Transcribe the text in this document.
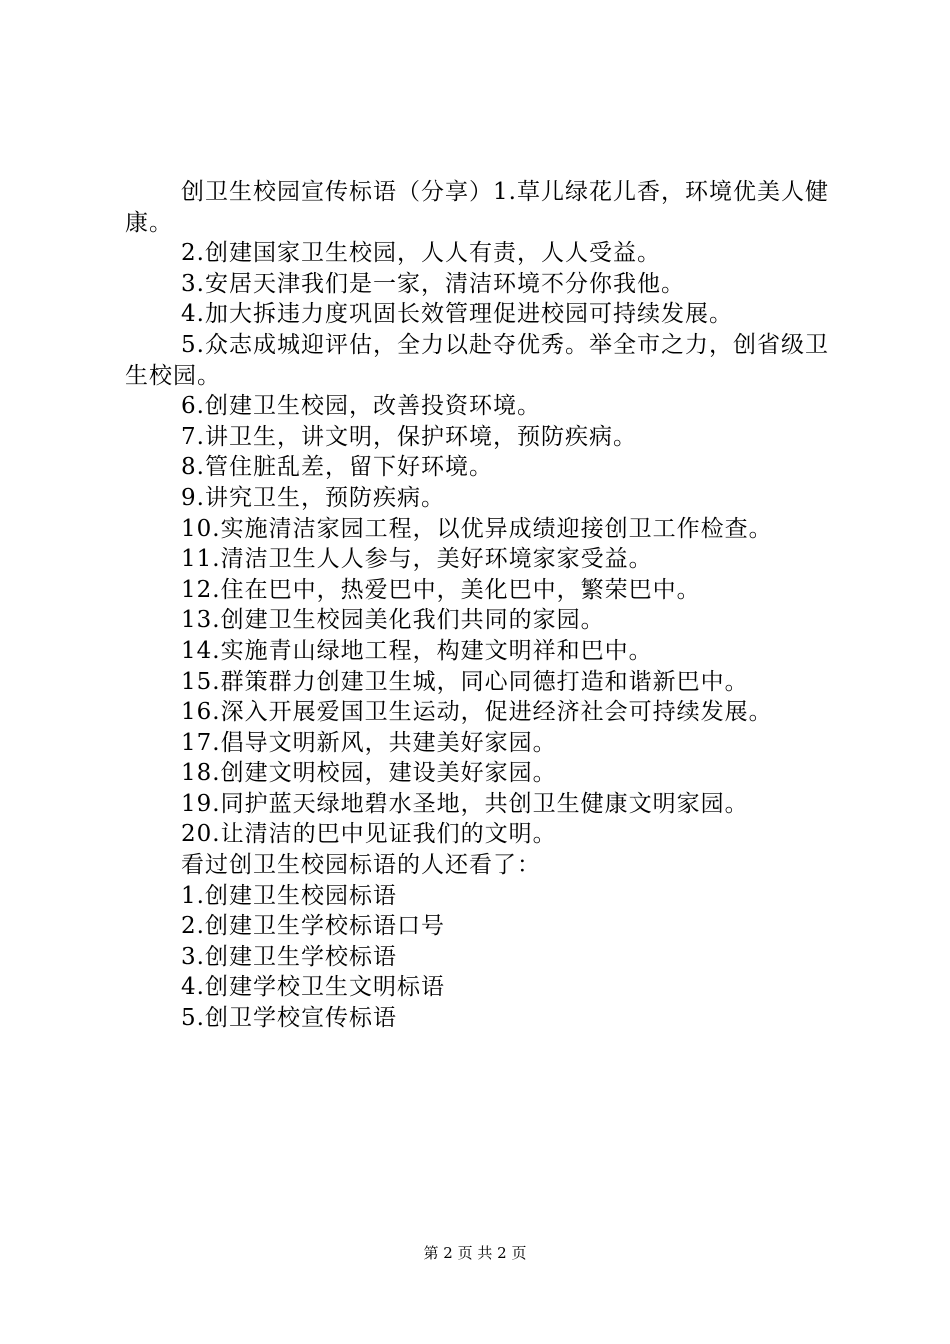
创卫生校园宣传标语（分享）1.草儿绿花儿香，环境优美人健康。

2.创建国家卫生校园，人人有责，人人受益。

3.安居天津我们是一家，清洁环境不分你我他。

4.加大拆违力度巩固长效管理促进校园可持续发展。

5.众志成城迎评估，全力以赴夺优秀。举全市之力，创省级卫生校园。

6.创建卫生校园，改善投资环境。

7.讲卫生，讲文明，保护环境，预防疾病。

8.管住脏乱差，留下好环境。

9.讲究卫生，预防疾病。

10.实施清洁家园工程，以优异成绩迎接创卫工作检查。

11.清洁卫生人人参与，美好环境家家受益。

12.住在巴中，热爱巴中，美化巴中，繁荣巴中。

13.创建卫生校园美化我们共同的家园。

14.实施青山绿地工程，构建文明祥和巴中。

15.群策群力创建卫生城，同心同德打造和谐新巴中。

16.深入开展爱国卫生运动，促进经济社会可持续发展。

17.倡导文明新风，共建美好家园。

18.创建文明校园，建设美好家园。

19.同护蓝天绿地碧水圣地，共创卫生健康文明家园。

20.让清洁的巴中见证我们的文明。

看过创卫生校园标语的人还看了：

1.创建卫生校园标语

2.创建卫生学校标语口号

3.创建卫生学校标语

4.创建学校卫生文明标语

5.创卫学校宣传标语

第 2 页 共 2 页
